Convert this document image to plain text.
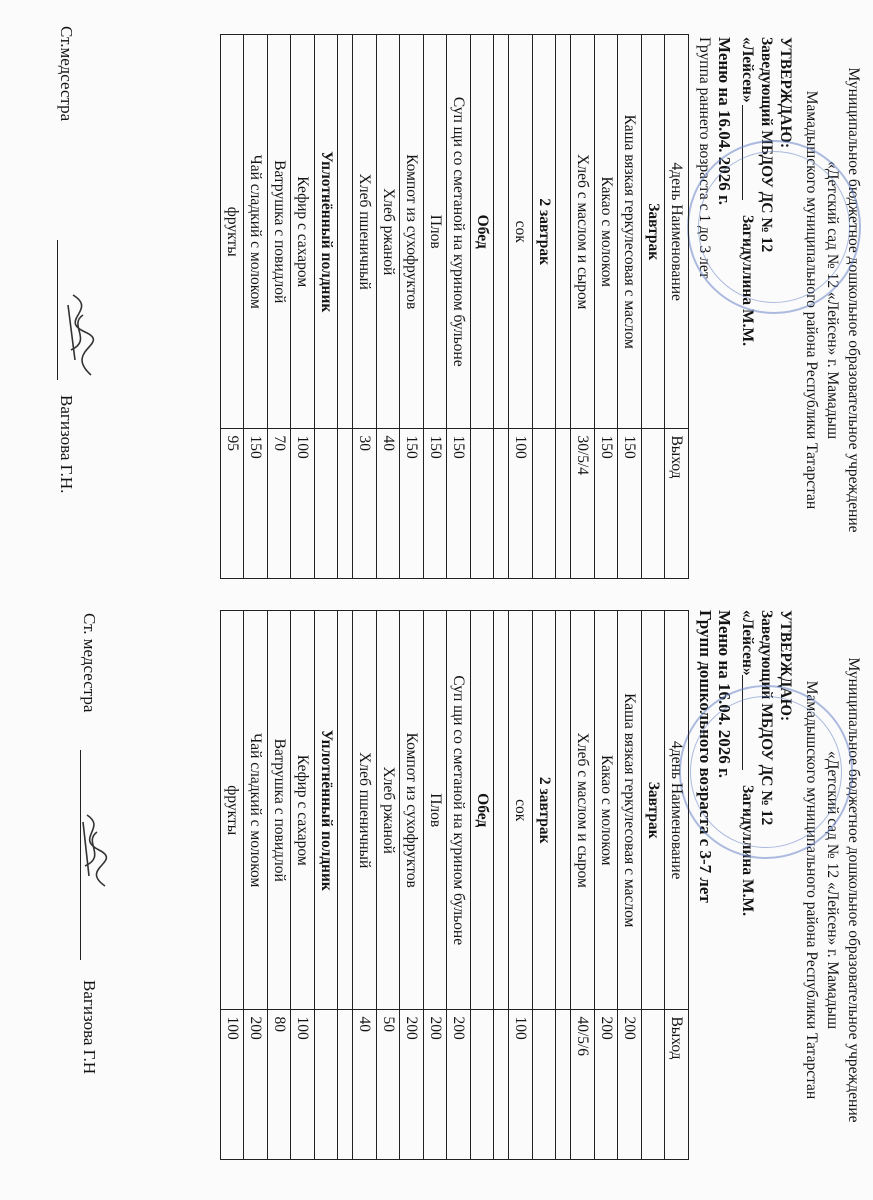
Муниципальное бюджетное дошкольное образовательное учреждение
«Детский сад № 12 «Лейсен» г. Мамадыш
Мамадышского муниципального района Республики Татарстан
УТВЕРЖДАЮ:
Заведующий МБДОУ ДС № 12
«Лейсен»
Загидуллина М.М.
Меню на 16.04. 2026 г.
Группа раннего возраста с 1 до 3 лет
4день Наименование	Выход
Завтрак	
Каша вязкая геркулесовая с маслом	150
Какао с молоком	150
Хлеб с маслом и сыром	30/5/4

2 завтрак	
сок	100

Обед	
Суп щи со сметаной на курином бульоне	150
Плов	150
Компот из сухофруктов	150
Хлеб ржаной	40
Хлеб пшеничный	30

Уплотнённый полдник	
Кефир с сахаром	100
Ватрушка с повидлой	70
Чай сладкий с молоком	150
фрукты	95
Ст.медсестра
Вагизова Г.Н.
Муниципальное бюджетное дошкольное образовательное учреждение
«Детский сад № 12 «Лейсен» г. Мамадыш
Мамадышского муниципального района Республики Татарстан
УТВЕРЖДАЮ:
Заведующий МБДОУ ДС № 12
«Лейсен»
Загидуллина М.М.
Меню на 16.04. 2026 г.
Групп дошкольного возраста с 3-7 лет
4день Наименование	Выход
Завтрак	
Каша вязкая геркулесовая с маслом	200
Какао с молоком	200
Хлеб с маслом и сыром	40/5/6

2 завтрак	
сок	100

Обед	
Суп щи со сметаной на курином бульоне	200
Плов	200
Компот из сухофруктов	200
Хлеб ржаной	50
Хлеб пшеничный	40

Уплотнённый полдник	
Кефир с сахаром	100
Ватрушка с повидлой	80
Чай сладкий с молоком	200
фрукты	100
Ст. медсестра
Вагизова Г.Н
